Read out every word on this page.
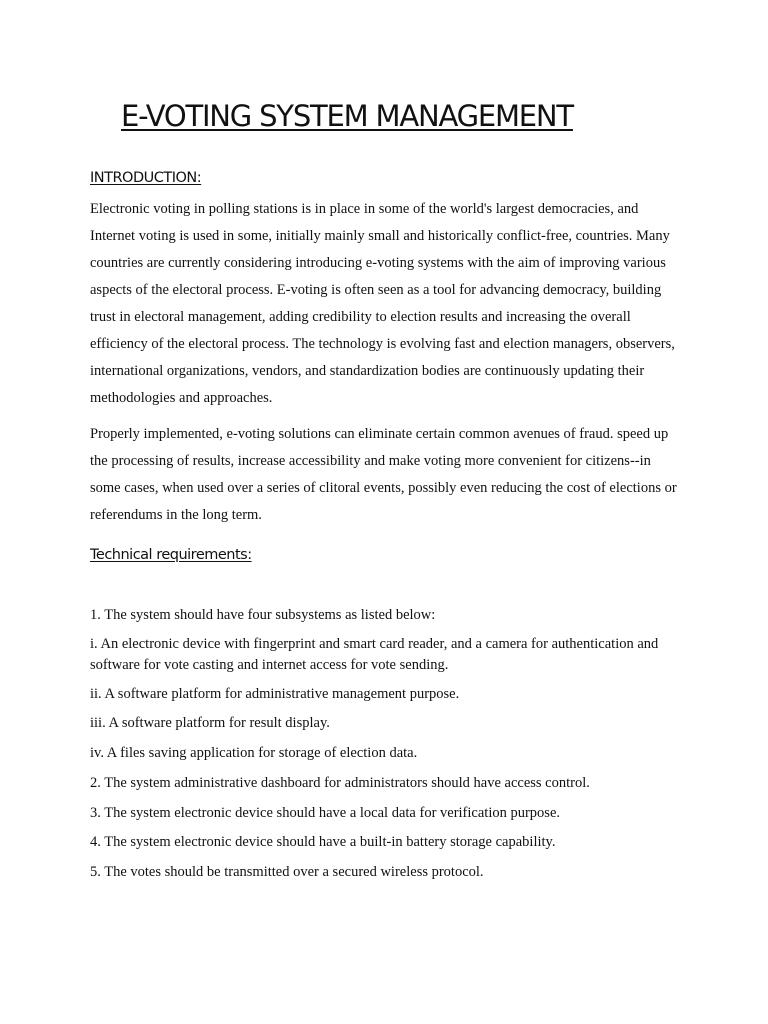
E-VOTING SYSTEM MANAGEMENT
INTRODUCTION:

Electronic voting in polling stations is in place in some of the world's largest democracies, and Internet voting is used in some, initially mainly small and historically conflict-free, countries. Many countries are currently considering introducing e-voting systems with the aim of improving various aspects of the electoral process. E-voting is often seen as a tool for advancing democracy, building trust in electoral management, adding credibility to election results and increasing the overall efficiency of the electoral process. The technology is evolving fast and election managers, observers, international organizations, vendors, and standardization bodies are continuously updating their methodologies and approaches.

Properly implemented, e-voting solutions can eliminate certain common avenues of fraud. speed up the processing of results, increase accessibility and make voting more convenient for citizens--in some cases, when used over a series of clitoral events, possibly even reducing the cost of elections or referendums in the long term.

Technical requirements:

1. The system should have four subsystems as listed below:

i. An electronic device with fingerprint and smart card reader, and a camera for authentication and software for vote casting and internet access for vote sending.

ii. A software platform for administrative management purpose.

iii. A software platform for result display.

iv. A files saving application for storage of election data.

2. The system administrative dashboard for administrators should have access control.

3. The system electronic device should have a local data for verification purpose.

4. The system electronic device should have a built-in battery storage capability.

5. The votes should be transmitted over a secured wireless protocol.
